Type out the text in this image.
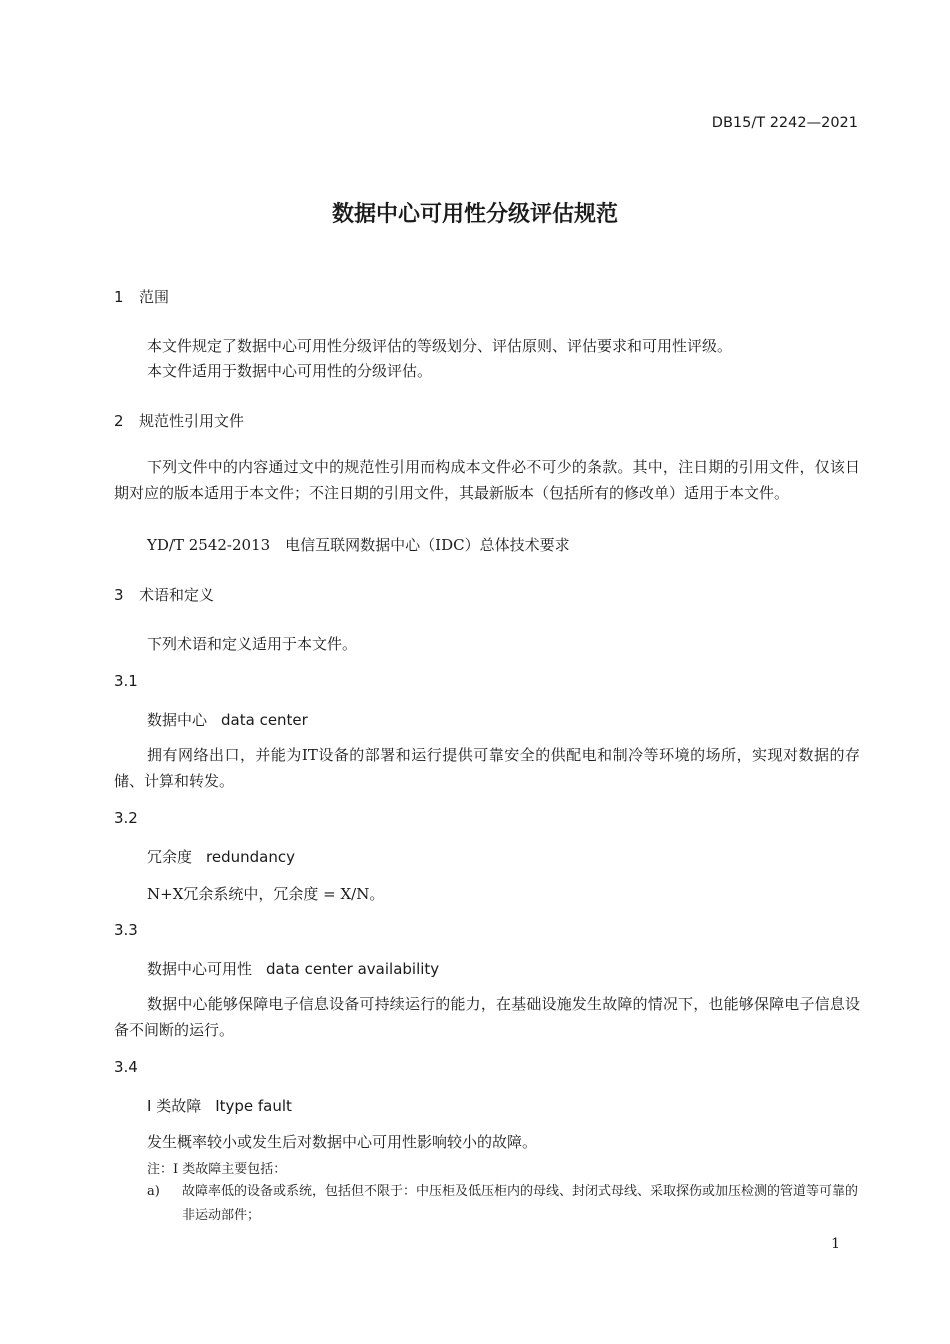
DB15/T 2242—2021
数据中心可用性分级评估规范
1 范围
本文件规定了数据中心可用性分级评估的等级划分、评估原则、评估要求和可用性评级。
本文件适用于数据中心可用性的分级评估。
2 规范性引用文件
下列文件中的内容通过文中的规范性引用而构成本文件必不可少的条款。其中，注日期的引用文件，仅该日期对应的版本适用于本文件；不注日期的引用文件，其最新版本（包括所有的修改单）适用于本文件。
YD/T 2542-2013　电信互联网数据中心（IDC）总体技术要求
3 术语和定义
下列术语和定义适用于本文件。
3.1
数据中心 data center
拥有网络出口，并能为IT设备的部署和运行提供可靠安全的供配电和制冷等环境的场所，实现对数据的存储、计算和转发。
3.2
冗余度 redundancy
N+X冗余系统中，冗余度 = X/N。
3.3
数据中心可用性 data center availability
数据中心能够保障电子信息设备可持续运行的能力，在基础设施发生故障的情况下，也能够保障电子信息设备不间断的运行。
3.4
Ⅰ 类故障 Itype fault
发生概率较小或发生后对数据中心可用性影响较小的故障。
注：Ⅰ 类故障主要包括：
a) 故障率低的设备或系统，包括但不限于：中压柜及低压柜内的母线、封闭式母线、采取探伤或加压检测的管道等可靠的非运动部件；
1
